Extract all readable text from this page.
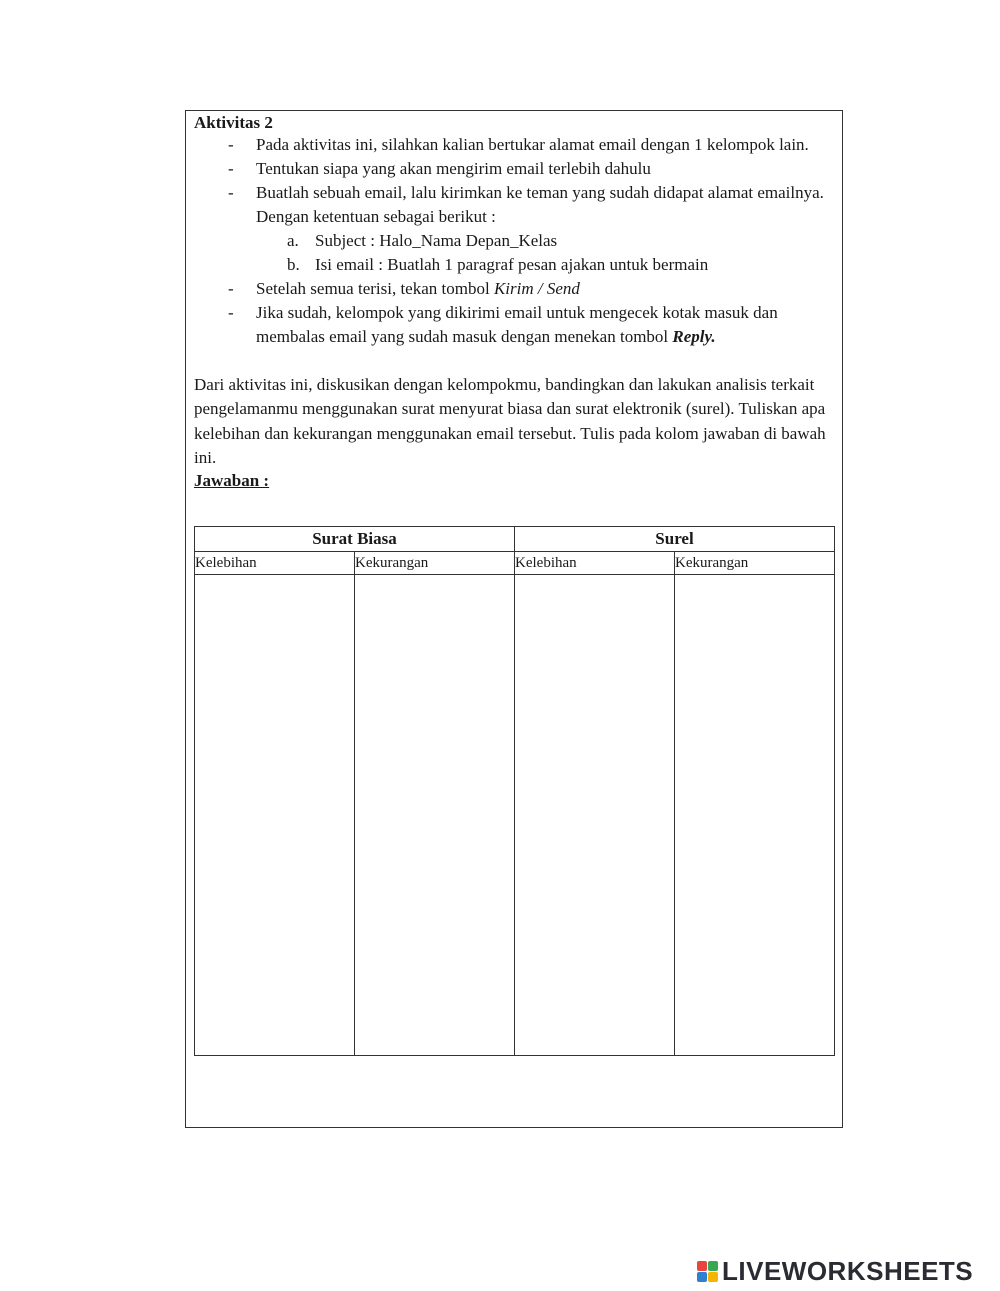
Aktivitas 2
- Pada aktivitas ini, silahkan kalian bertukar alamat email dengan 1 kelompok lain.
- Tentukan siapa yang akan mengirim email terlebih dahulu
- Buatlah sebuah email, lalu kirimkan ke teman yang sudah didapat alamat emailnya. Dengan ketentuan sebagai berikut :
a. Subject : Halo_Nama Depan_Kelas
b. Isi email : Buatlah 1 paragraf pesan ajakan untuk bermain
- Setelah semua terisi, tekan tombol Kirim / Send
- Jika sudah, kelompok yang dikirimi email untuk mengecek kotak masuk dan membalas email yang sudah masuk dengan menekan tombol Reply.
Dari aktivitas ini, diskusikan dengan kelompokmu, bandingkan dan lakukan analisis terkait pengelamanmu menggunakan surat menyurat biasa dan surat elektronik (surel). Tuliskan apa kelebihan dan kekurangan menggunakan email tersebut. Tulis pada kolom jawaban di bawah ini.
Jawaban :
Surat Biasa		Surel	
Kelebihan	Kekurangan	Kelebihan	Kekurangan

LIVEWORKSHEETS
